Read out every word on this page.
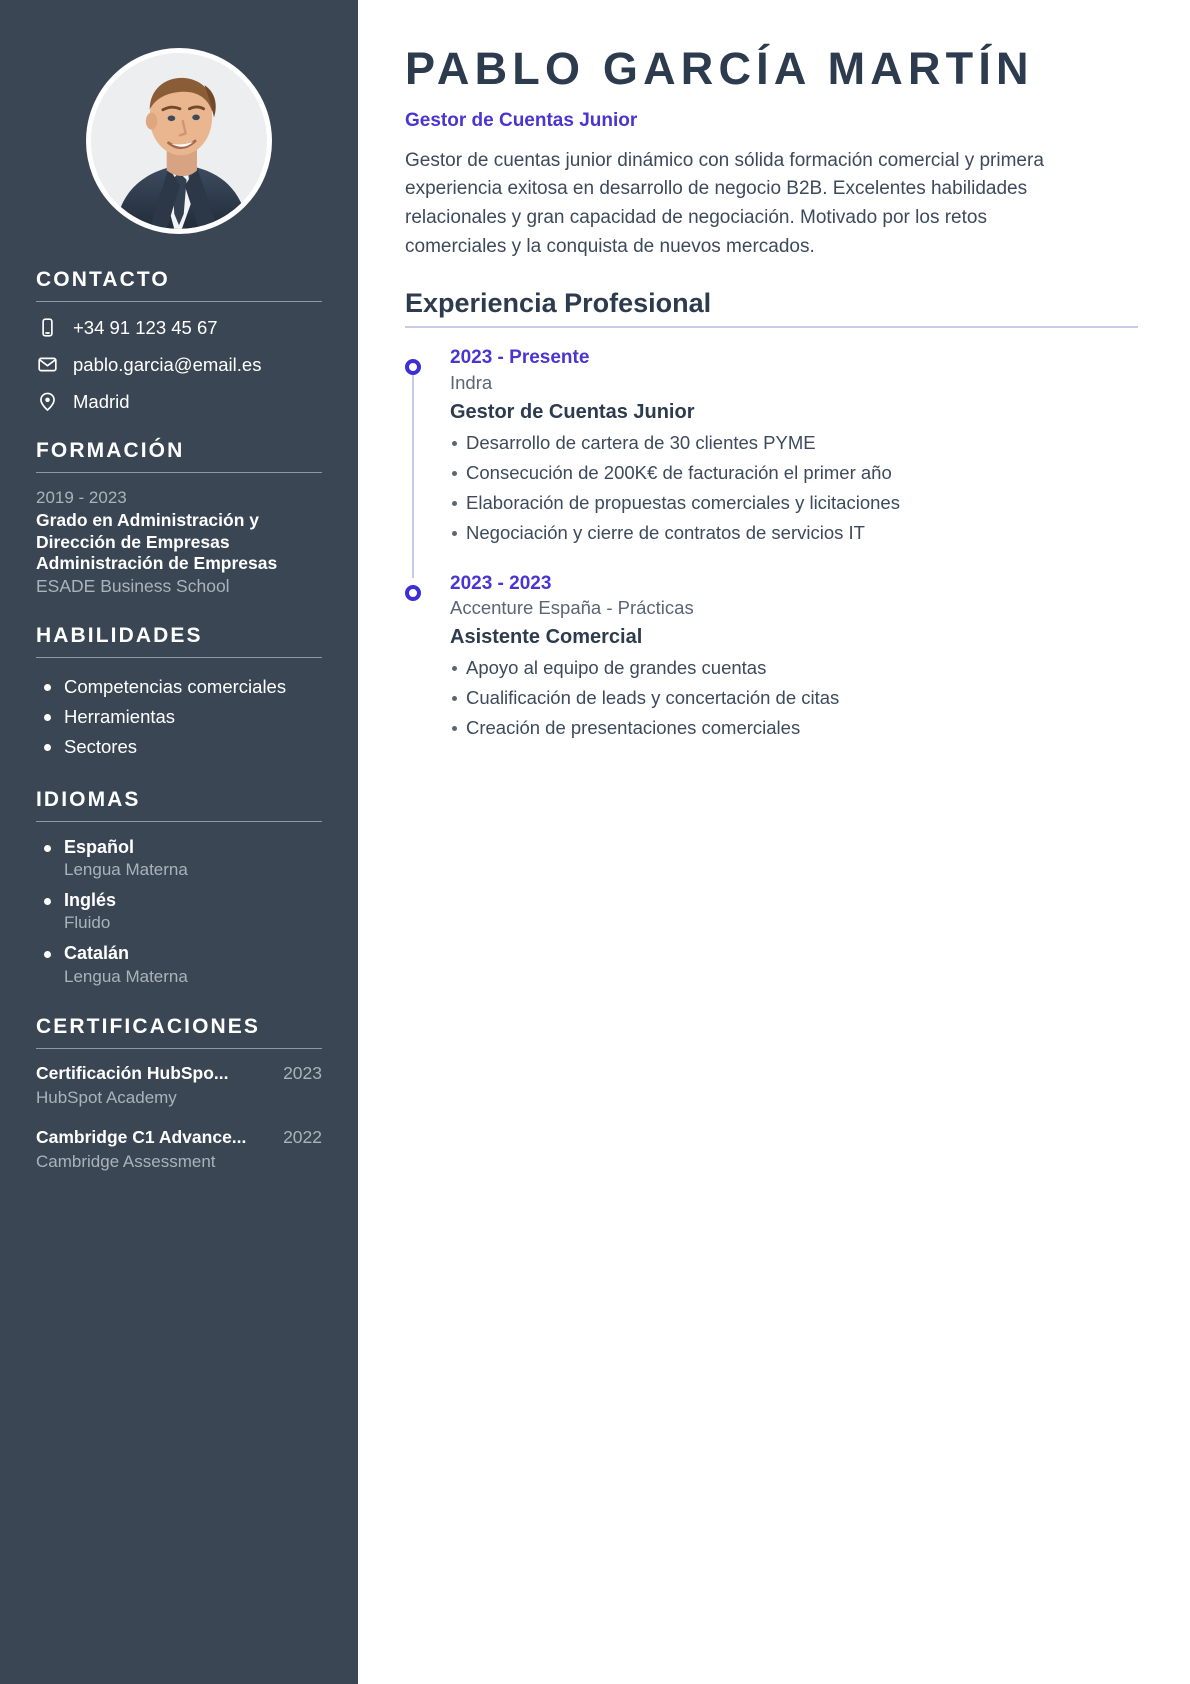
CONTACTO
+34 91 123 45 67
pablo.garcia@email.es
Madrid
FORMACIÓN
2019 - 2023
Grado en Administración y Dirección de Empresas
Administración de Empresas
ESADE Business School
HABILIDADES
Competencias comerciales
Herramientas
Sectores
IDIOMAS
Español
Lengua Materna
Inglés
Fluido
Catalán
Lengua Materna
CERTIFICACIONES
Certificación HubSpo...	2023
HubSpot Academy
Cambridge C1 Advance... 2022
Cambridge Assessment
PABLO GARCÍA MARTÍN
Gestor de Cuentas Junior

Gestor de cuentas junior dinámico con sólida formación comercial y primera experiencia exitosa en desarrollo de negocio B2B. Excelentes habilidades relacionales y gran capacidad de negociación. Motivado por los retos comerciales y la conquista de nuevos mercados.

Experiencia Profesional
2023 - Presente
Indra
Gestor de Cuentas Junior
Desarrollo de cartera de 30 clientes PYME
Consecución de 200K€ de facturación el primer año
Elaboración de propuestas comerciales y licitaciones
Negociación y cierre de contratos de servicios IT
2023 - 2023
Accenture España - Prácticas
Asistente Comercial
Apoyo al equipo de grandes cuentas
Cualificación de leads y concertación de citas
Creación de presentaciones comerciales
